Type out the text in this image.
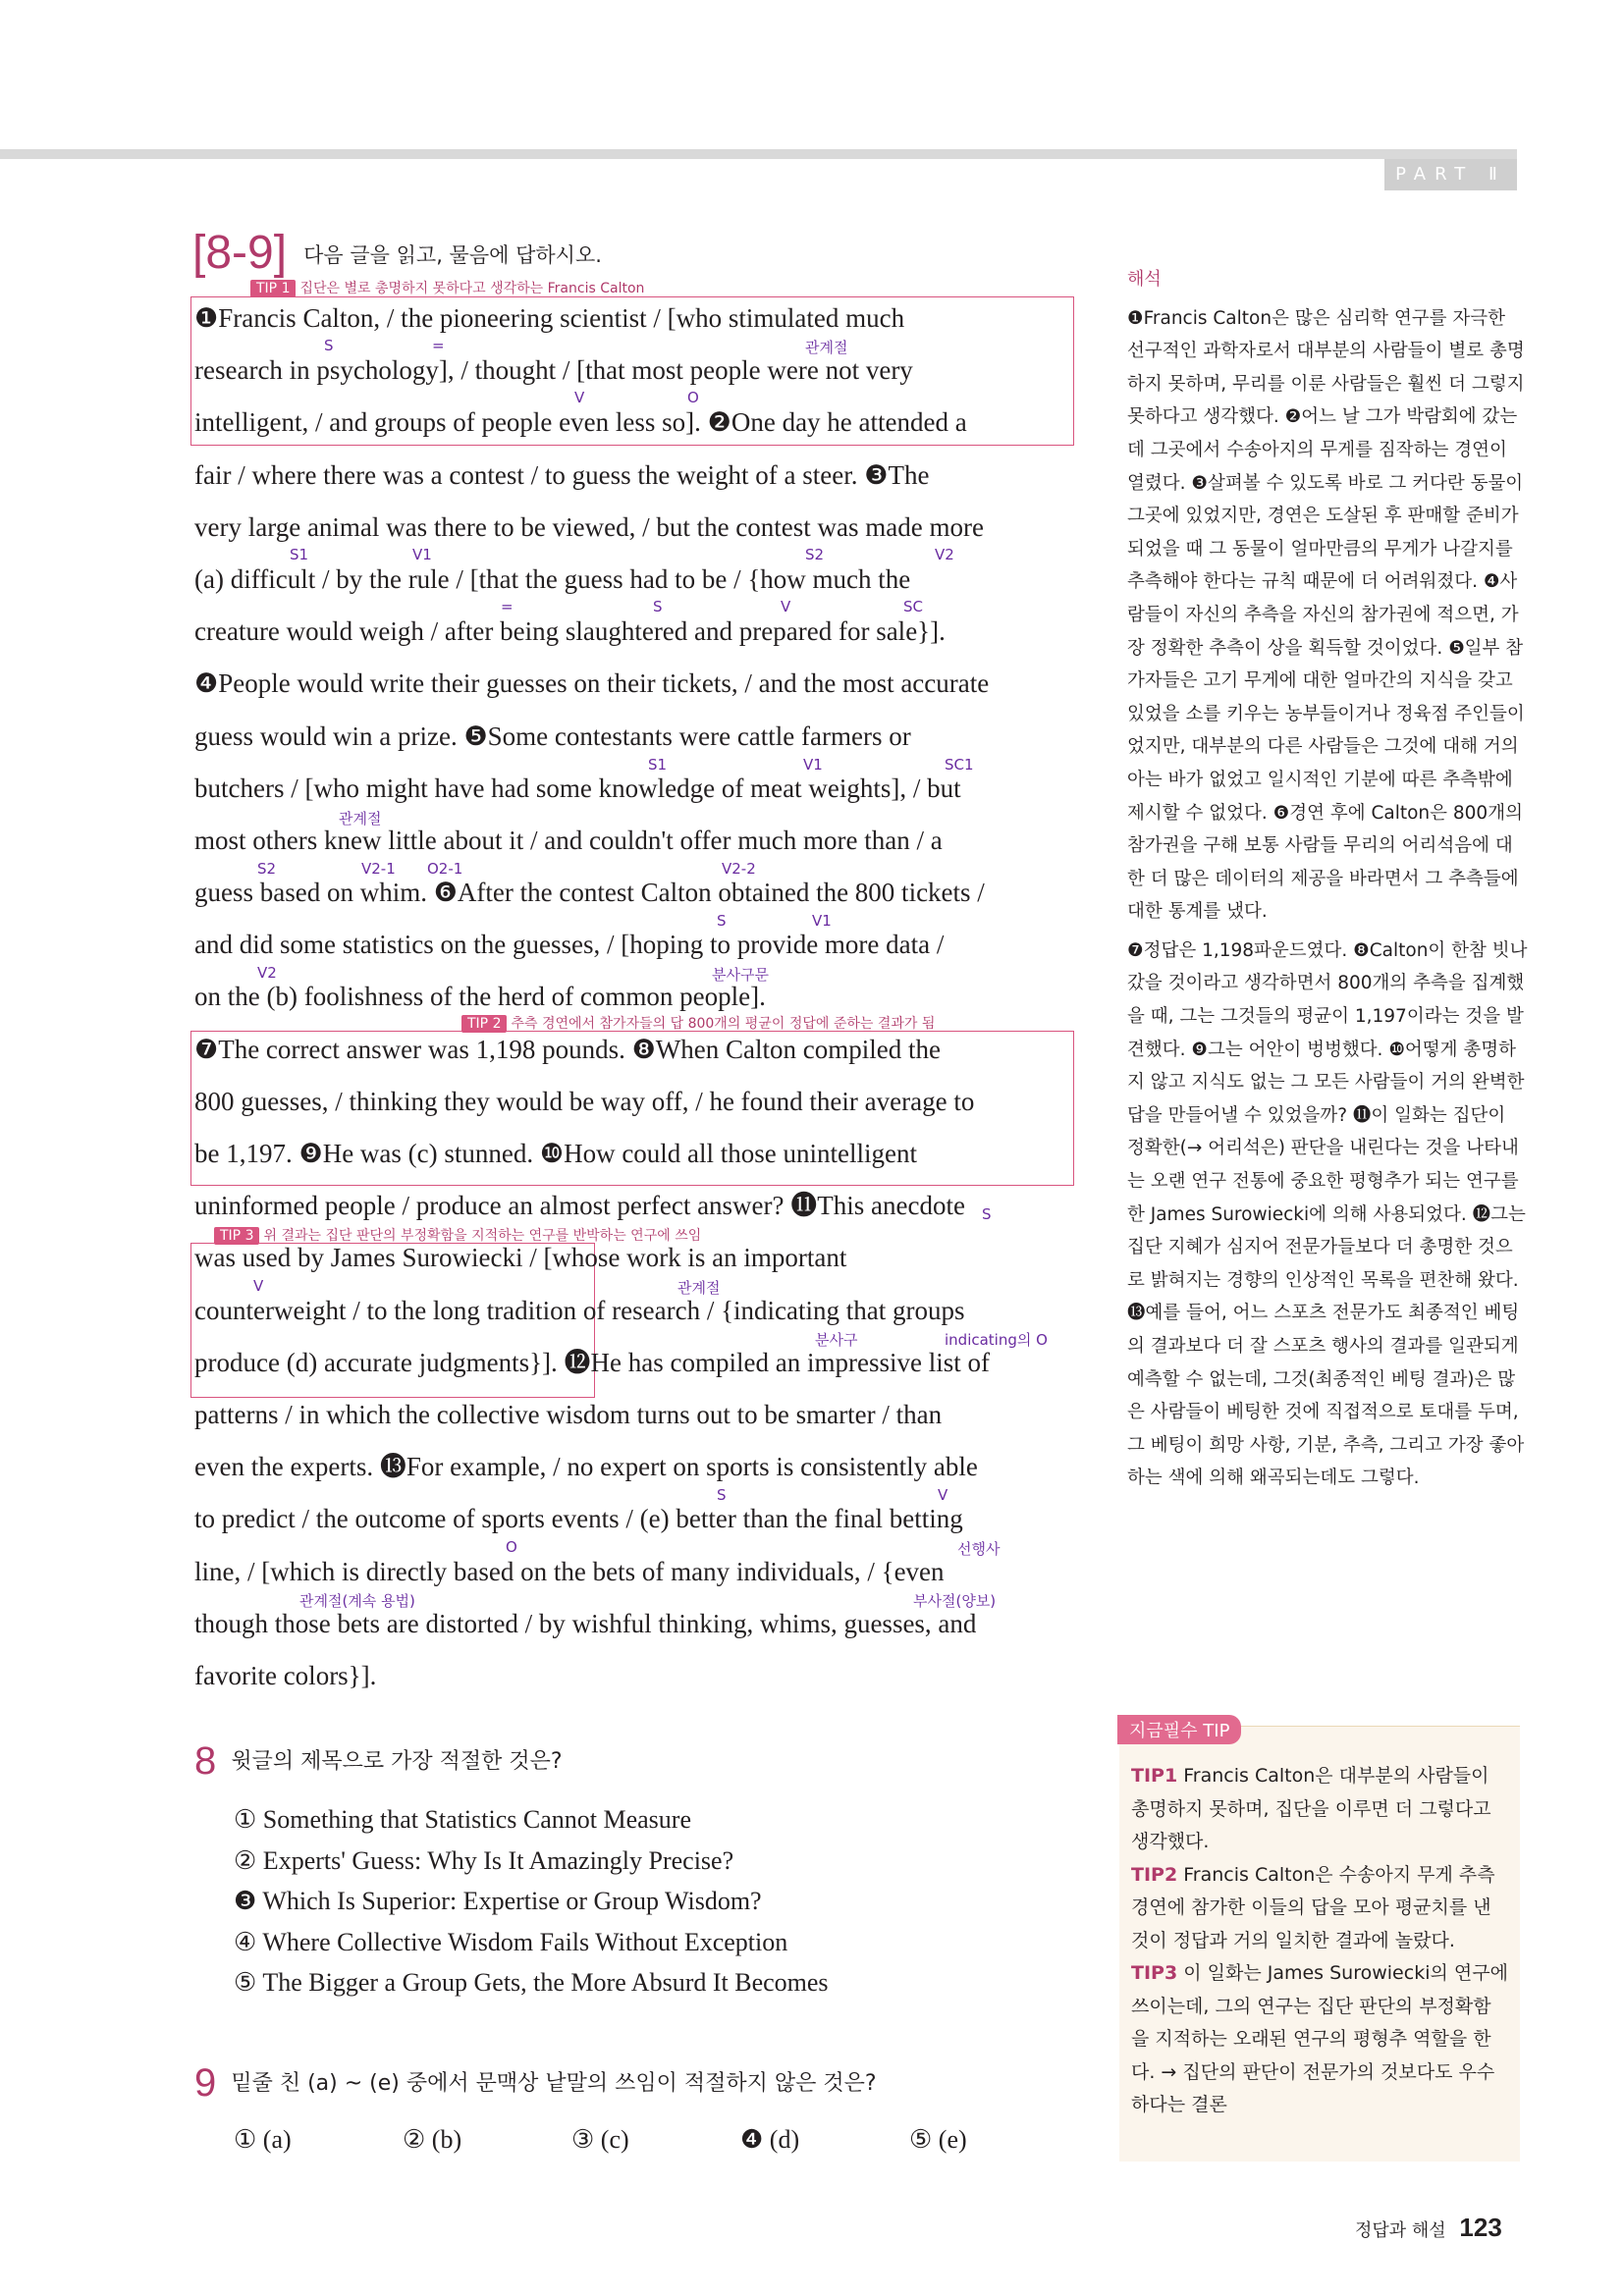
PART Ⅱ
[8-9] 다음 글을 읽고, 물음에 답하시오.
TIP 1 집단은 별로 총명하지 못하다고 생각하는 Francis Calton
TIP 2 추측 경연에서 참가자들의 답 800개의 평균이 정답에 준하는 결과가 됨
TIP 3 위 결과는 집단 판단의 부정확함을 지적하는 연구를 반박하는 연구에 쓰임
❶Francis Calton, / the pioneering scientist / [who stimulated much
research in psychology], / thought / [that most people were not very
intelligent, / and groups of people even less so]. ❷One day he attended a
fair / where there was a contest / to guess the weight of a steer. ❸The
very large animal was there to be viewed, / but the contest was made more
(a) difficult / by the rule / [that the guess had to be / {how much the
creature would weigh / after being slaughtered and prepared for sale}].
❹People would write their guesses on their tickets, / and the most accurate
guess would win a prize. ❺Some contestants were cattle farmers or
butchers / [who might have had some knowledge of meat weights], / but
most others knew little about it / and couldn't offer much more than / a
guess based on whim. ❻After the contest Calton obtained the 800 tickets /
and did some statistics on the guesses, / [hoping to provide more data /
on the (b) foolishness of the herd of common people].
❼The correct answer was 1,198 pounds. ❽When Calton compiled the
800 guesses, / thinking they would be way off, / he found their average to
be 1,197. ❾He was (c) stunned. ❿How could all those unintelligent
uninformed people / produce an almost perfect answer? ⓫This anecdote
was used by James Surowiecki / [whose work is an important
counterweight / to the long tradition of research / {indicating that groups
produce (d) accurate judgments}]. ⓬He has compiled an impressive list of
patterns / in which the collective wisdom turns out to be smarter / than
even the experts. ⓭For example, / no expert on sports is consistently able
to predict / the outcome of sports events / (e) better than the final betting
line, / [which is directly based on the bets of many individuals, / {even
though those bets are distorted / by wishful thinking, whims, guesses, and
favorite colors}].
S	=	관계절
V	O
S1	V1	S2	V2
=	S	V	SC
S1	V1	SC1
관계절
S2	V2-1 O2-1	V2-2
S	V1
V2	분사구문
S
관계절
V
분사구	indicating의 O
S	V
O	선행사
관계절(계속 용법)	부사절(양보)
해석
❶Francis Calton은 많은 심리학 연구를 자극한 선구적인 과학자로서 대부분의 사람들이 별로 총명하지 못하며, 무리를 이룬 사람들은 훨씬 더 그렇지 못하다고 생각했다. ❷어느 날 그가 박람회에 갔는데 그곳에서 수송아지의 무게를 짐작하는 경연이 열렸다. ❸살펴볼 수 있도록 바로 그 커다란 동물이 그곳에 있었지만, 경연은 도살된 후 판매할 준비가 되었을 때 그 동물이 얼마만큼의 무게가 나갈지를 추측해야 한다는 규칙 때문에 더 어려워졌다. ❹사람들이 자신의 추측을 자신의 참가권에 적으면, 가장 정확한 추측이 상을 획득할 것이었다. ❺일부 참가자들은 고기 무게에 대한 얼마간의 지식을 갖고 있었을 소를 키우는 농부들이거나 정육점 주인들이었지만, 대부분의 다른 사람들은 그것에 대해 거의 아는 바가 없었고 일시적인 기분에 따른 추측밖에 제시할 수 없었다. ❻경연 후에 Calton은 800개의 참가권을 구해 보통 사람들 무리의 어리석음에 대한 더 많은 데이터의 제공을 바라면서 그 추측들에 대한 통계를 냈다.
❼정답은 1,198파운드였다. ❽Calton이 한참 빗나갔을 것이라고 생각하면서 800개의 추측을 집계했을 때, 그는 그것들의 평균이 1,197이라는 것을 발견했다. ❾그는 어안이 벙벙했다. ❿어떻게 총명하지 않고 지식도 없는 그 모든 사람들이 거의 완벽한 답을 만들어낼 수 있었을까? ⓫이 일화는 집단이 정확한(→ 어리석은) 판단을 내린다는 것을 나타내는 오랜 연구 전통에 중요한 평형추가 되는 연구를 한 James Surowiecki에 의해 사용되었다. ⓬그는 집단 지혜가 심지어 전문가들보다 더 총명한 것으로 밝혀지는 경향의 인상적인 목록을 편찬해 왔다. ⓭예를 들어, 어느 스포츠 전문가도 최종적인 베팅의 결과보다 더 잘 스포츠 행사의 결과를 일관되게 예측할 수 없는데, 그것(최종적인 베팅 결과)은 많은 사람들이 베팅한 것에 직접적으로 토대를 두며, 그 베팅이 희망 사항, 기분, 추측, 그리고 가장 좋아하는 색에 의해 왜곡되는데도 그렇다.
8 윗글의 제목으로 가장 적절한 것은?
① Something that Statistics Cannot Measure
② Experts' Guess: Why Is It Amazingly Precise?
❸ Which Is Superior: Expertise or Group Wisdom?
④ Where Collective Wisdom Fails Without Exception
⑤ The Bigger a Group Gets, the More Absurd It Becomes
9 밑줄 친 (a) ~ (e) 중에서 문맥상 낱말의 쓰임이 적절하지 않은 것은?
① (a)	② (b)	③ (c)	❹ (d)	⑤ (e)
지금필수 TIP
TIP1 Francis Calton은 대부분의 사람들이 총명하지 못하며, 집단을 이루면 더 그렇다고 생각했다.
TIP2 Francis Calton은 수송아지 무게 추측 경연에 참가한 이들의 답을 모아 평균치를 낸 것이 정답과 거의 일치한 결과에 놀랐다.
TIP3 이 일화는 James Surowiecki의 연구에 쓰이는데, 그의 연구는 집단 판단의 부정확함을 지적하는 오래된 연구의 평형추 역할을 한다. → 집단의 판단이 전문가의 것보다도 우수하다는 결론
정답과 해설 123
